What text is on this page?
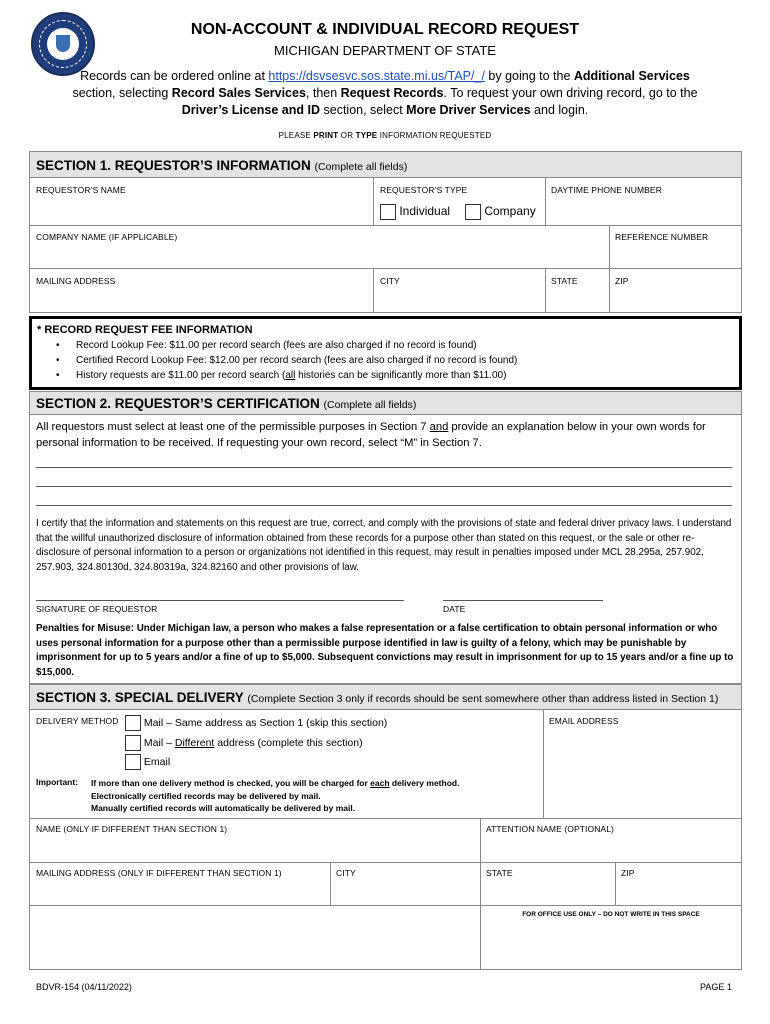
NON-ACCOUNT & INDIVIDUAL RECORD REQUEST
MICHIGAN DEPARTMENT OF STATE
Records can be ordered online at https://dsvsesvc.sos.state.mi.us/TAP/_/ by going to the Additional Services section, selecting Record Sales Services, then Request Records. To request your own driving record, go to the Driver’s License and ID section, select More Driver Services and login.
PLEASE PRINT OR TYPE INFORMATION REQUESTED
SECTION 1. REQUESTOR’S INFORMATION (Complete all fields)
REQUESTOR’S NAME	REQUESTOR’S TYPE	DAYTIME PHONE NUMBER
Individual	Company
COMPANY NAME (IF APPLICABLE)	REFERENCE NUMBER
MAILING ADDRESS	CITY	STATE	ZIP
* RECORD REQUEST FEE INFORMATION
• Record Lookup Fee: $11.00 per record search (fees are also charged if no record is found)
• Certified Record Lookup Fee: $12.00 per record search (fees are also charged if no record is found)
• History requests are $11.00 per record search (all histories can be significantly more than $11.00)
SECTION 2. REQUESTOR’S CERTIFICATION (Complete all fields)
All requestors must select at least one of the permissible purposes in Section 7 and provide an explanation below in your own words for personal information to be received. If requesting your own record, select “M” in Section 7.
I certify that the information and statements on this request are true, correct, and comply with the provisions of state and federal driver privacy laws. I understand that the willful unauthorized disclosure of information obtained from these records for a purpose other than stated on this request, or the sale or other re-disclosure of personal information to a person or organizations not identified in this request, may result in penalties imposed under MCL 28.295a, 257.902, 257.903, 324.80130d, 324.80319a, 324.82160 and other provisions of law.
SIGNATURE OF REQUESTOR	DATE
Penalties for Misuse: Under Michigan law, a person who makes a false representation or a false certification to obtain personal information or who uses personal information for a purpose other than a permissible purpose identified in law is guilty of a felony, which may be punishable by imprisonment for up to 5 years and/or a fine of up to $5,000. Subsequent convictions may result in imprisonment for up to 15 years and/or a fine up to $15,000.
SECTION 3. SPECIAL DELIVERY (Complete Section 3 only if records should be sent somewhere other than address listed in Section 1)
DELIVERY METHOD	EMAIL ADDRESS
Mail – Same address as Section 1 (skip this section)
Mail – Different address (complete this section)
Email
Important: If more than one delivery method is checked, you will be charged for each delivery method.
Electronically certified records may be delivered by mail.
Manually certified records will automatically be delivered by mail.
NAME (ONLY IF DIFFERENT THAN SECTION 1)	ATTENTION NAME (OPTIONAL)
MAILING ADDRESS (ONLY IF DIFFERENT THAN SECTION 1)	CITY	STATE	ZIP
FOR OFFICE USE ONLY – DO NOT WRITE IN THIS SPACE
BDVR-154 (04/11/2022)	PAGE 1
